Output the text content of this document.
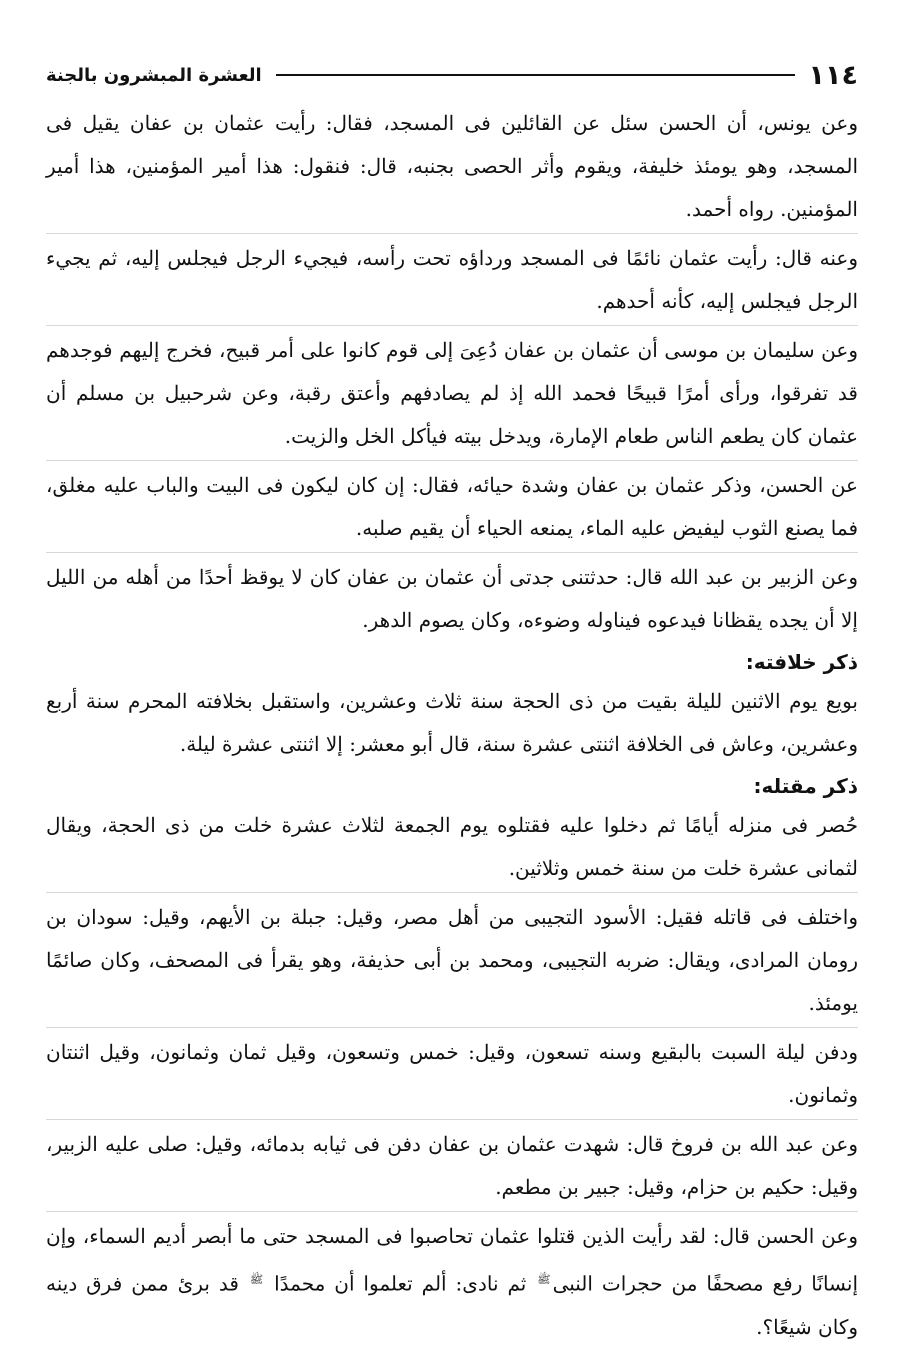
١١٤
العشرة المبشرون بالجنة

وعن يونس، أن الحسن سئل عن القائلين فى المسجد، فقال: رأيت عثمان بن عفان يقيل فى المسجد، وهو يومئذ خليفة، ويقوم وأثر الحصى بجنبه، قال: فنقول: هذا أمير المؤمنين، هذا أمير المؤمنين. رواه أحمد.

وعنه قال: رأيت عثمان نائمًا فى المسجد ورداؤه تحت رأسه، فيجيء الرجل فيجلس إليه، ثم يجيء الرجل فيجلس إليه، كأنه أحدهم.

وعن سليمان بن موسى أن عثمان بن عفان دُعِىَ إلى قوم كانوا على أمر قبيح، فخرج إليهم فوجدهم قد تفرقوا، ورأى أمرًا قبيحًا فحمد الله إذ لم يصادفهم وأعتق رقبة، وعن شرحبيل بن مسلم أن عثمان كان يطعم الناس طعام الإمارة، ويدخل بيته فيأكل الخل والزيت.

عن الحسن، وذكر عثمان بن عفان وشدة حيائه، فقال: إن كان ليكون فى البيت والباب عليه مغلق، فما يصنع الثوب ليفيض عليه الماء، يمنعه الحياء أن يقيم صلبه.

وعن الزبير بن عبد الله قال: حدثتنى جدتى أن عثمان بن عفان كان لا يوقظ أحدًا من أهله من الليل إلا أن يجده يقظانا فيدعوه فيناوله وضوءه، وكان يصوم الدهر.

ذكر خلافته:

بويع يوم الاثنين لليلة بقيت من ذى الحجة سنة ثلاث وعشرين، واستقبل بخلافته المحرم سنة أربع وعشرين، وعاش فى الخلافة اثنتى عشرة سنة، قال أبو معشر: إلا اثنتى عشرة ليلة.

ذكر مقتله:

حُصر فى منزله أيامًا ثم دخلوا عليه فقتلوه يوم الجمعة لثلاث عشرة خلت من ذى الحجة، ويقال لثمانى عشرة خلت من سنة خمس وثلاثين.

واختلف فى قاتله فقيل: الأسود التجيبى من أهل مصر، وقيل: جبلة بن الأيهم، وقيل: سودان بن رومان المرادى، ويقال: ضربه التجيبى، ومحمد بن أبى حذيفة، وهو يقرأ فى المصحف، وكان صائمًا يومئذ.

ودفن ليلة السبت بالبقيع وسنه تسعون، وقيل: خمس وتسعون، وقيل ثمان وثمانون، وقيل اثنتان وثمانون.

وعن عبد الله بن فروخ قال: شهدت عثمان بن عفان دفن فى ثيابه بدمائه، وقيل: صلى عليه الزبير، وقيل: حكيم بن حزام، وقيل: جبير بن مطعم.

وعن الحسن قال: لقد رأيت الذين قتلوا عثمان تحاصبوا فى المسجد حتى ما أبصر أديم السماء، وإن إنسانًا رفع مصحفًا من حجرات النبى$^ﷺ$ ثم نادى: ألم تعلموا أن محمدًا $^ﷺ$ قد برئ ممن فرق دينه وكان شيعًا؟.
